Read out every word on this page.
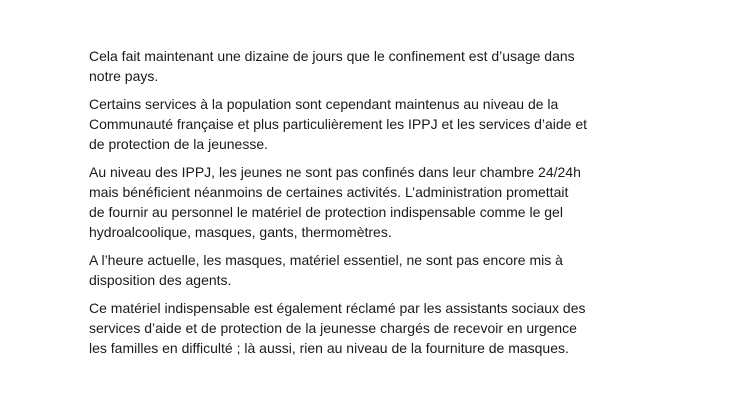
Cela fait maintenant une dizaine de jours que le confinement est d’usage dans
notre pays.

Certains services à la population sont cependant maintenus au niveau de la
Communauté française et plus particulièrement les IPPJ et les services d’aide et
de protection de la jeunesse.

Au niveau des IPPJ, les jeunes ne sont pas confinés dans leur chambre 24/24h
mais bénéficient néanmoins de certaines activités. L’administration promettait
de fournir au personnel le matériel de protection indispensable comme le gel
hydroalcoolique, masques, gants, thermomètres.

A l’heure actuelle, les masques, matériel essentiel, ne sont pas encore mis à
disposition des agents.

Ce matériel indispensable est également réclamé par les assistants sociaux des
services d’aide et de protection de la jeunesse chargés de recevoir en urgence
les familles en difficulté ; là aussi, rien au niveau de la fourniture de masques.
